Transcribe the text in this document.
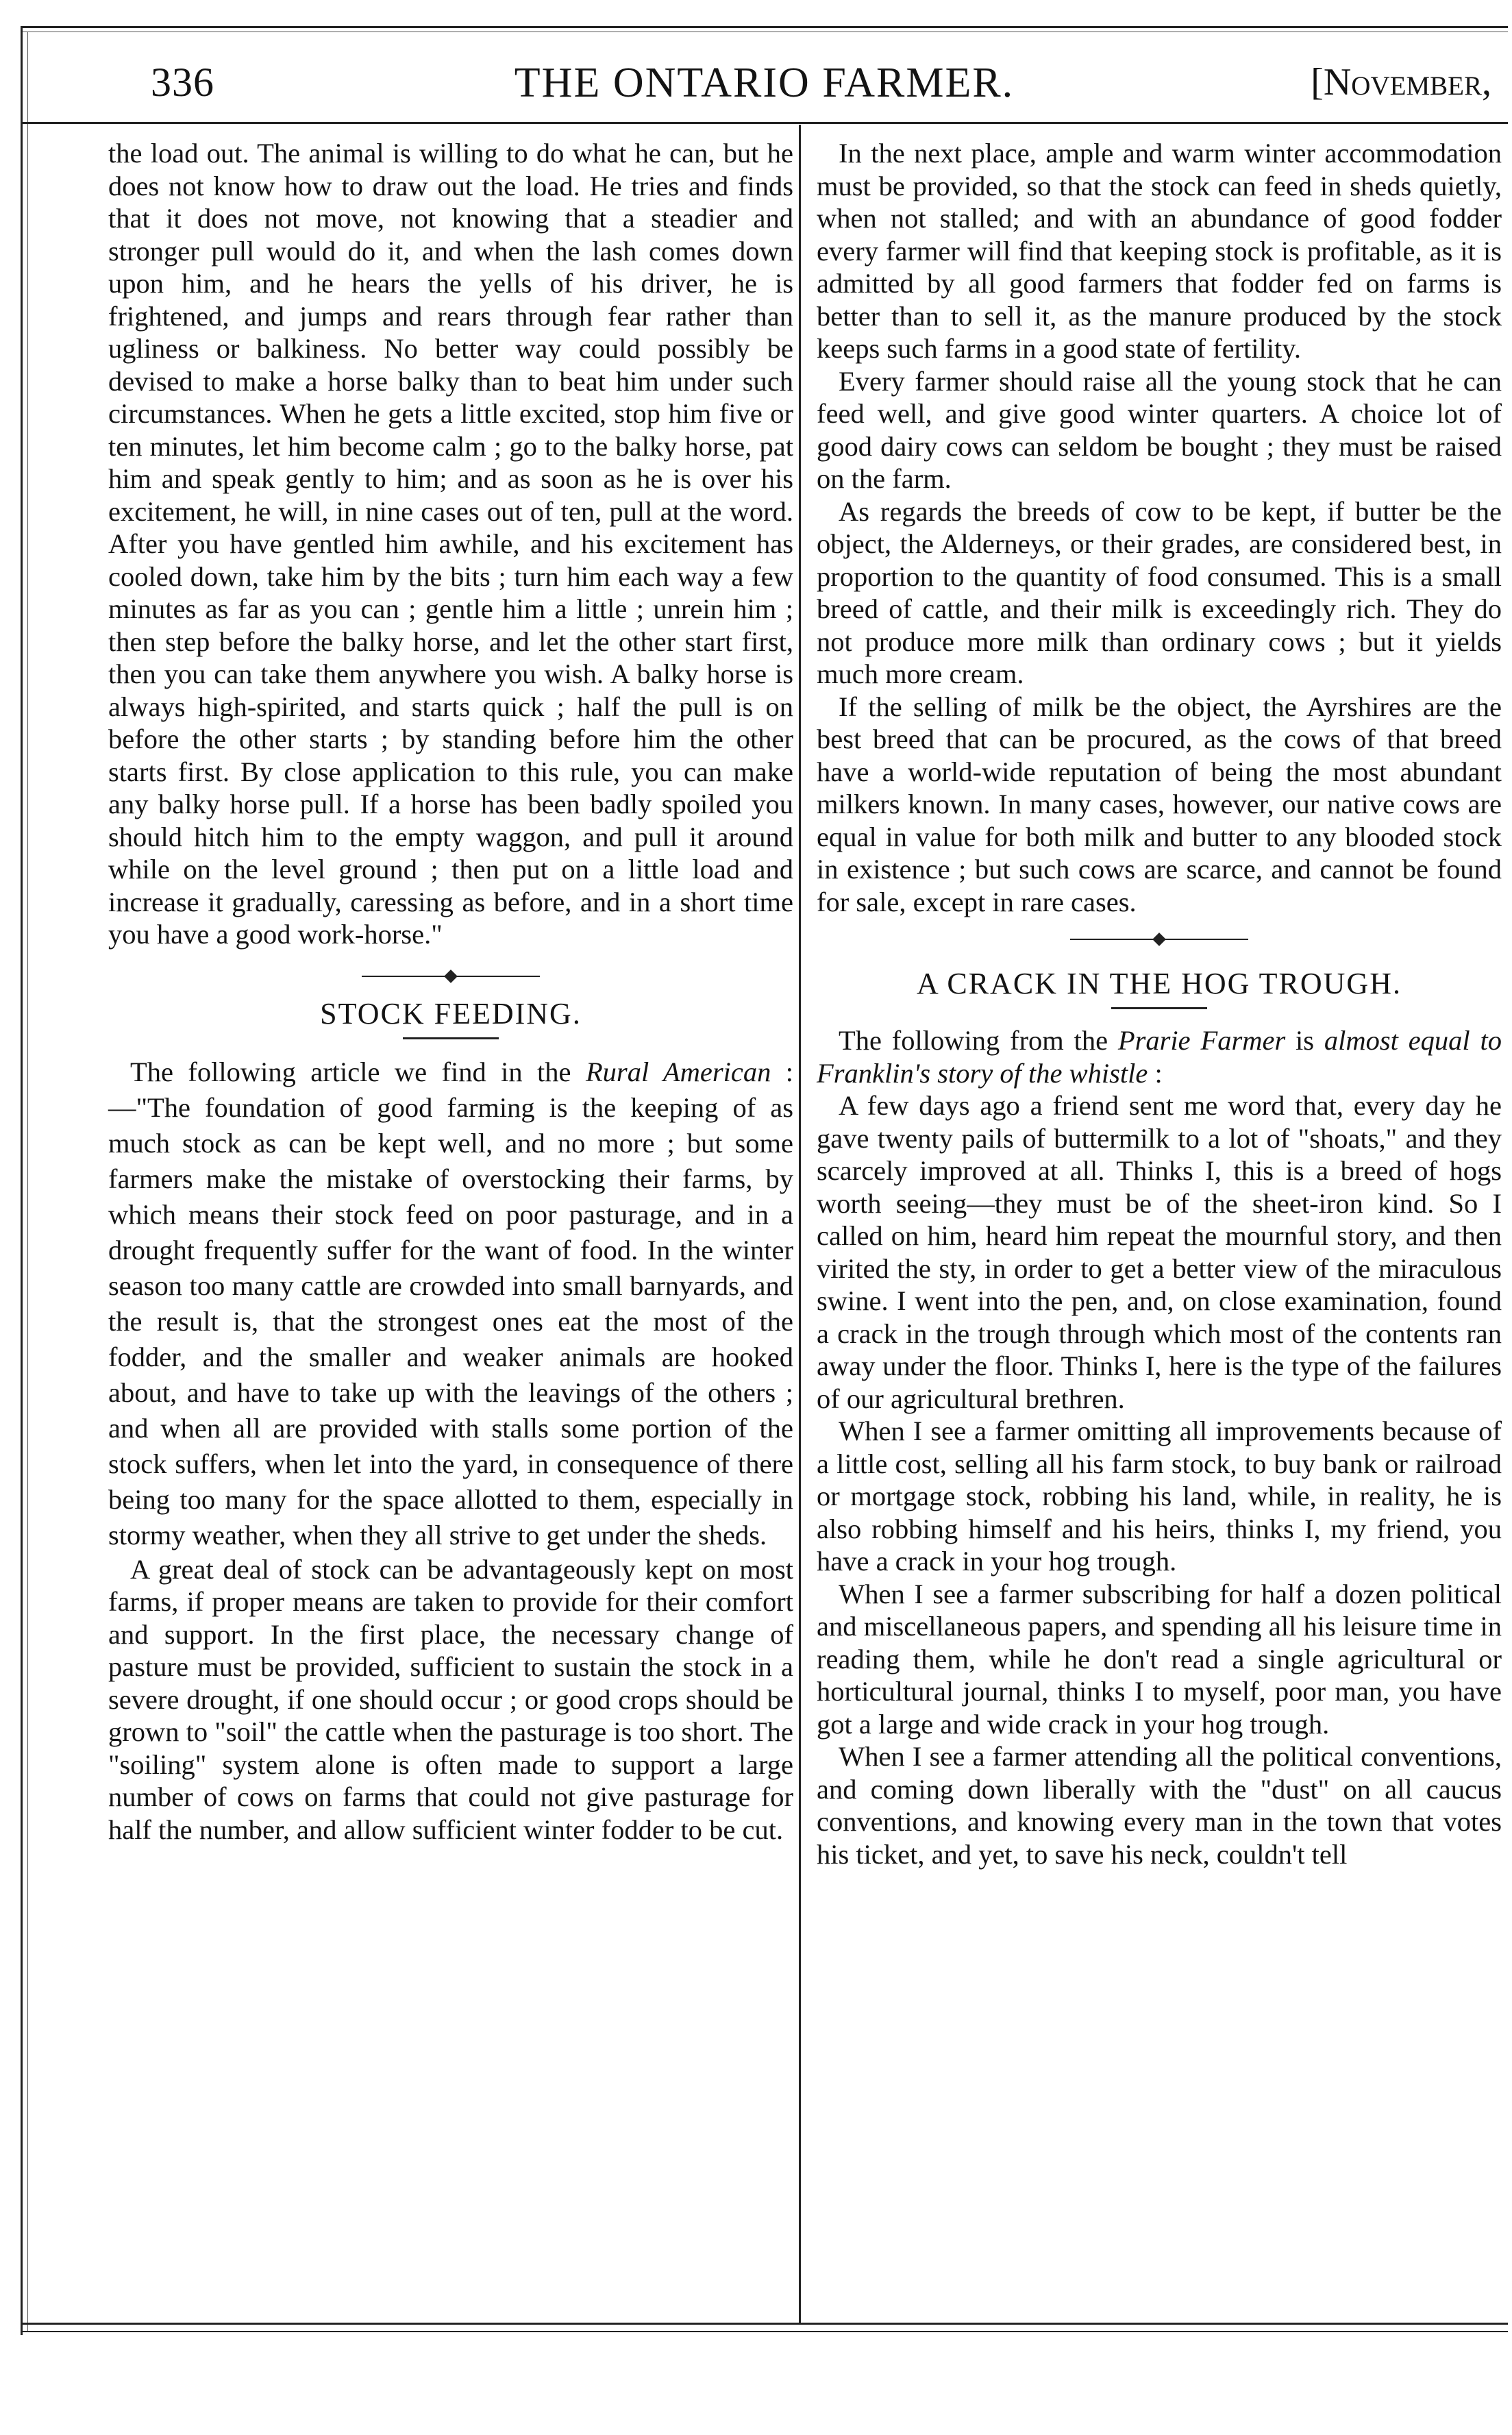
336	THE ONTARIO FARMER.	[November,

the load out. The animal is willing to do what he can, but he does not know how to draw out the load. He tries and finds that it does not move, not knowing that a steadier and stronger pull would do it, and when the lash comes down upon him, and he hears the yells of his driver, he is frightened, and jumps and rears through fear rather than ugliness or balkiness. No better way could possibly be devised to make a horse balky than to beat him under such circumstances. When he gets a little excited, stop him five or ten minutes, let him become calm ; go to the balky horse, pat him and speak gently to him; and as soon as he is over his excitement, he will, in nine cases out of ten, pull at the word. After you have gentled him awhile, and his excitement has cooled down, take him by the bits ; turn him each way a few minutes as far as you can ; gentle him a little ; unrein him ; then step before the balky horse, and let the other start first, then you can take them anywhere you wish. A balky horse is always high-spirited, and starts quick ; half the pull is on before the other starts ; by standing before him the other starts first. By close application to this rule, you can make any balky horse pull. If a horse has been badly spoiled you should hitch him to the empty waggon, and pull it around while on the level ground ; then put on a little load and increase it gradually, caressing as before, and in a short time you have a good work-horse."

STOCK FEEDING.

The following article we find in the Rural American :—"The foundation of good farming is the keeping of as much stock as can be kept well, and no more ; but some farmers make the mistake of overstocking their farms, by which means their stock feed on poor pasturage, and in a drought frequently suffer for the want of food. In the winter season too many cattle are crowded into small barnyards, and the result is, that the strongest ones eat the most of the fodder, and the smaller and weaker animals are hooked about, and have to take up with the leavings of the others ; and when all are provided with stalls some portion of the stock suffers, when let into the yard, in consequence of there being too many for the space allotted to them, especially in stormy weather, when they all strive to get under the sheds.

A great deal of stock can be advantageously kept on most farms, if proper means are taken to provide for their comfort and support. In the first place, the necessary change of pasture must be provided, sufficient to sustain the stock in a severe drought, if one should occur ; or good crops should be grown to "soil" the cattle when the pasturage is too short. The "soiling" system alone is often made to support a large number of cows on farms that could not give pasturage for half the number, and allow sufficient winter fodder to be cut.

In the next place, ample and warm winter accommodation must be provided, so that the stock can feed in sheds quietly, when not stalled; and with an abundance of good fodder every farmer will find that keeping stock is profitable, as it is admitted by all good farmers that fodder fed on farms is better than to sell it, as the manure produced by the stock keeps such farms in a good state of fertility.

Every farmer should raise all the young stock that he can feed well, and give good winter quarters. A choice lot of good dairy cows can seldom be bought ; they must be raised on the farm.

As regards the breeds of cow to be kept, if butter be the object, the Alderneys, or their grades, are considered best, in proportion to the quantity of food consumed. This is a small breed of cattle, and their milk is exceedingly rich. They do not produce more milk than ordinary cows ; but it yields much more cream.

If the selling of milk be the object, the Ayrshires are the best breed that can be procured, as the cows of that breed have a world-wide reputation of being the most abundant milkers known. In many cases, however, our native cows are equal in value for both milk and butter to any blooded stock in existence ; but such cows are scarce, and cannot be found for sale, except in rare cases.

A CRACK IN THE HOG TROUGH.

The following from the Prarie Farmer is almost equal to Franklin's story of the whistle :

A few days ago a friend sent me word that, every day he gave twenty pails of buttermilk to a lot of "shoats," and they scarcely improved at all. Thinks I, this is a breed of hogs worth seeing—they must be of the sheet-iron kind. So I called on him, heard him repeat the mournful story, and then virited the sty, in order to get a better view of the miraculous swine. I went into the pen, and, on close examination, found a crack in the trough through which most of the contents ran away under the floor. Thinks I, here is the type of the failures of our agricultural brethren.

When I see a farmer omitting all improvements because of a little cost, selling all his farm stock, to buy bank or railroad or mortgage stock, robbing his land, while, in reality, he is also robbing himself and his heirs, thinks I, my friend, you have a crack in your hog trough.

When I see a farmer subscribing for half a dozen political and miscellaneous papers, and spending all his leisure time in reading them, while he don't read a single agricultural or horticultural journal, thinks I to myself, poor man, you have got a large and wide crack in your hog trough.

When I see a farmer attending all the political conventions, and coming down liberally with the "dust" on all caucus conventions, and knowing every man in the town that votes his ticket, and yet, to save his neck, couldn't tell
